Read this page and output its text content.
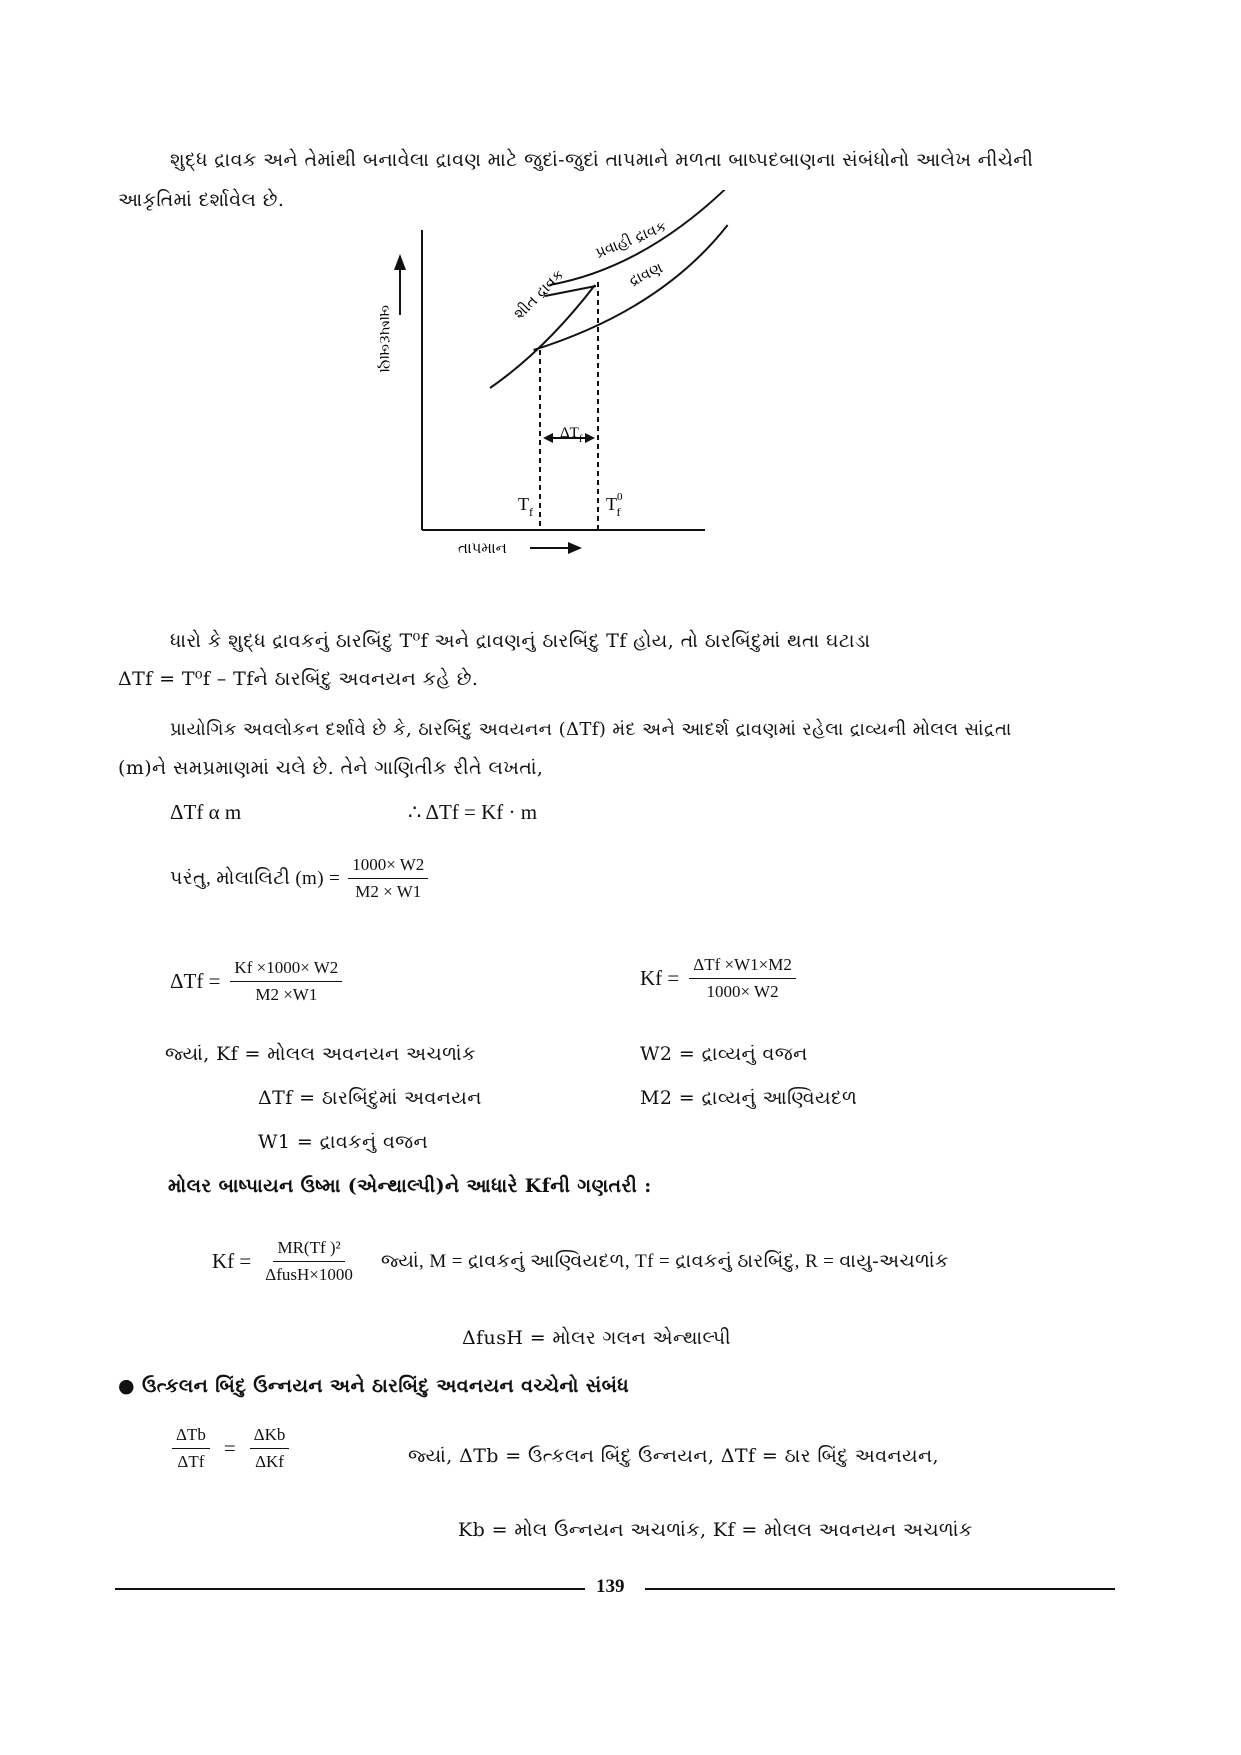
શુદ્ધ દ્રાવક અને તેમાંથી બનાવેલા દ્રાવણ માટે જુદાં-જુદાં તાપમાને મળતા બાષ્પદબાણના સંબંધોનો આલેખ નીચેની
આકૃતિમાં દર્શાવેલ છે.
બાષ્પદબાણ
તાપમાન
પ્રવાહી દ્રાવક
શીત દ્રાવક	દ્રાવણ
$\Delta T_f$
$T_f$	$T^0$ f
ધારો કે શુદ્ધ દ્રાવકનું ઠારબિંદુ T⁰f અને દ્રાવણનું ઠારબિંદુ Tf હોય, તો ઠારબિંદુમાં થતા ઘટાડા
ΔTf = T⁰f – Tfને ઠારબિંદુ અવનયન કહે છે.
પ્રાયોગિક અવલોકન દર્શાવે છે કે, ઠારબિંદુ અવયનન (ΔTf) મંદ અને આદર્શ દ્રાવણમાં રહેલા દ્રાવ્યની મોલલ સાંદ્રતા
(m)ને સમપ્રમાણમાં ચલે છે. તેને ગાણિતીક રીતે લખતાં,
ΔTf α m	∴ ΔTf = Kf · m
પરંતુ, મોલાલિટી $(m) = \frac{1000\times W2}{M2 \times W1}$
$\Delta Tf = \frac{Kf \times 1000\times W2}{M2 \times W1}$	$Kf = \frac{\text{ΔTf ×W1×M2}}{1000\times W2}$
જ્યાં, Kf = મોલલ અવનયન અચળાંક
ΔTf = ઠારબિંદુમાં અવનયન
W1 = દ્રાવકનું વજન
W2 = દ્રાવ્યનું વજન
M2 = દ્રાવ્યનું આણ્વિયદળ
મોલર બાષ્પાયન ઉષ્મા (એન્થાલ્પી)ને આધારે Kfની ગણતરી :
$Kf = \frac{\text{MR(Tf )²}}{\text{ΔfusH×1000}}$ જ્યાં, M = દ્રાવકનું આણ્વિયદળ, Tf = દ્રાવકનું ઠારબિંદુ, R = વાયુ-અચળાંક
ΔfusH = મોલર ગલન એન્થાલ્પી
● ઉત્કલન બિંદુ ઉન્નયન અને ઠારબિંદુ અવનયન વચ્ચેનો સંબંધ
$\frac{\text{ΔTb}}{\text{ΔTf}} = \frac{\text{ΔKb}}{\text{ΔKf}}$	જ્યાં, ΔTb = ઉત્કલન બિંદુ ઉન્નયન, ΔTf = ઠાર બિંદુ અવનયન,
Kb = મોલ ઉન્નયન અચળાંક, Kf = મોલલ અવનયન અચળાંક
139
